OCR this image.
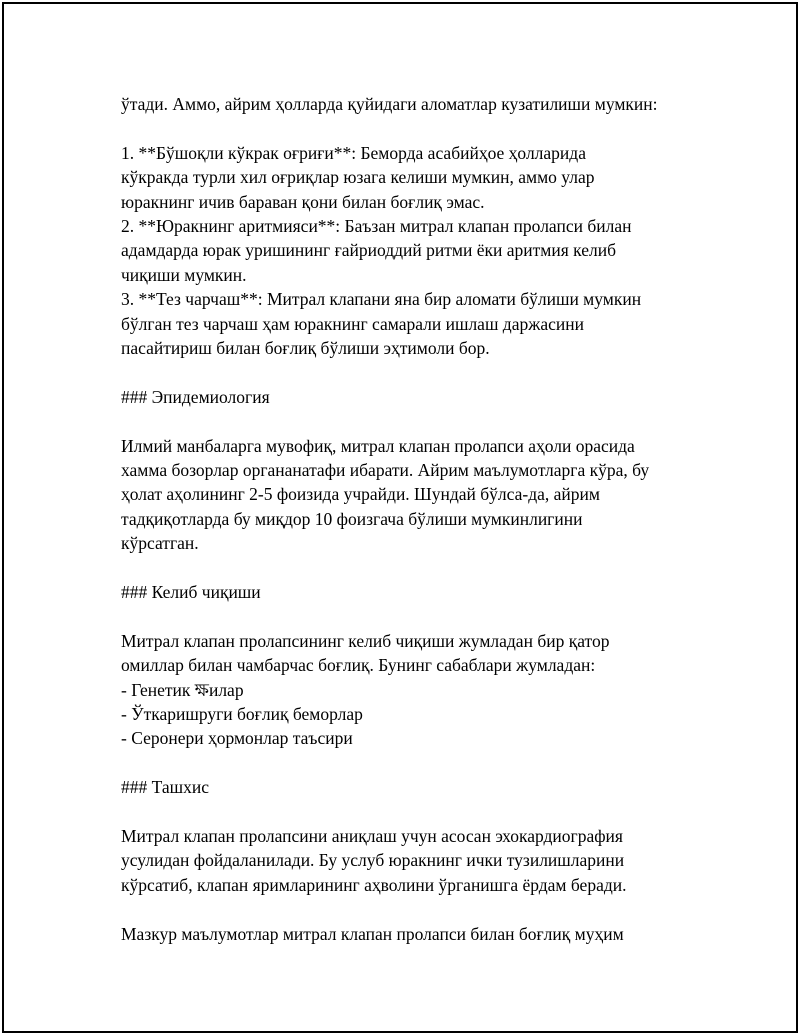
ўтади. Аммо, айрим ҳолларда қуйидаги аломатлар кузатилиши мумкин:
1. **Бўшоқли кўкрак оғриғи**: Беморда асабийҳое ҳолларида
кўкракда турли хил оғриқлар юзага келиши мумкин, аммо улар
юракнинг ичив бараван қони билан боғлиқ эмас.
2. **Юракнинг аритмияси**: Баъзан митрал клапан пролапси билан
адамдарда юрак уришининг ғайриоддий ритми ёки аритмия келиб
чиқиши мумкин.
3. **Тез чарчаш**: Митрал клапани яна бир аломати бўлиши мумкин
бўлган тез чарчаш ҳам юракнинг самарали ишлаш даржасини
пасайтириш билан боғлиқ бўлиши эҳтимоли бор.
### Эпидемиология
Илмий манбаларга мувофиқ, митрал клапан пролапси аҳоли орасида
хамма бозорлар органанатафи ибарати. Айрим маълумотларга кўра, бу
ҳолат аҳолининг 2-5 фоизида учрайди. Шундай бўлса-да, айрим
тадқиқотларда бу миқдор 10 фоизгача бўлиши мумкинлигини
кўрсатган.
### Келиб чиқиши
Митрал клапан пролапсининг келиб чиқиши жумладан бир қатор
омиллар билан чамбарчас боғлиқ. Бунинг сабаблари жумладан:
- Генетик ক্ষилар
- Ўткаришруги боғлиқ беморлар
- Серонери ҳормонлар таъсири
### Ташхис
Митрал клапан пролапсини аниқлаш учун асосан эхокардиография
усулидан фойдаланилади. Бу услуб юракнинг ички тузилишларини
кўрсатиб, клапан яримларининг аҳволини ўрганишга ёрдам беради.
Мазкур маълумотлар митрал клапан пролапси билан боғлиқ муҳим
